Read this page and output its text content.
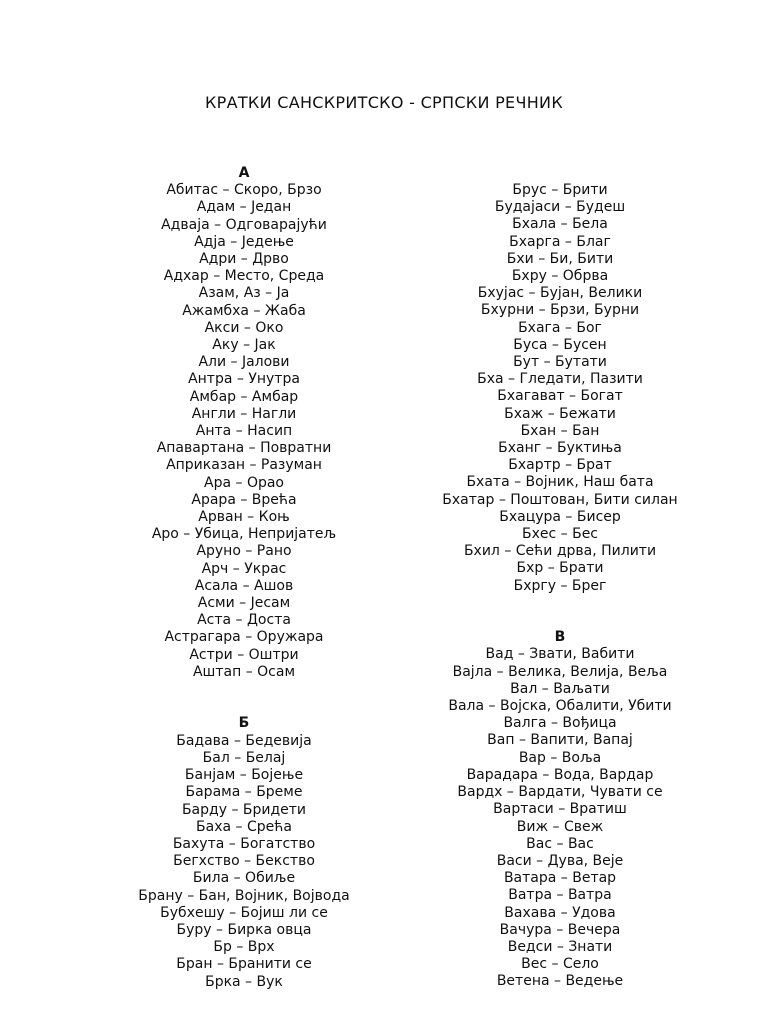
КРАТКИ САНСКРИТСКО - СРПСКИ РЕЧНИК
А
Абитас – Скоро, Брзо
Адам – Један
Адваја – Одговарајући
Адја – Једење
Адри – Дрво
Адхар – Место, Среда
Азам, Аз – Ја
Ажамбха – Жаба
Акси – Око
Аку – Јак
Али – Јалови
Антра – Унутра
Амбар – Амбар
Англи – Нагли
Анта – Насип
Апавартана – Повратни
Априказан – Разуман
Ара – Орао
Арара – Врећа
Арван – Коњ
Аро – Убица, Непријатељ
Аруно – Рано
Арч – Украс
Асала – Ашов
Асми – Јесам
Аста – Доста
Астрагара – Оружара
Астри – Оштри
Аштап – Осам
Б
Бадава – Бедевија
Бал – Белај
Банјам – Бојење
Барама – Бреме
Барду – Бридети
Баха – Срећа
Бахута – Богатство
Бегхство – Бекство
Била – Обиље
Брану – Бан, Војник, Војвода
Бубхешу – Бојиш ли се
Буру – Бирка овца
Бр – Врх
Бран – Бранити се
Брка – Вук
Брус – Брити
Будајаси – Будеш
Бхала – Бела
Бхарга – Благ
Бхи – Би, Бити
Бхру – Обрва
Бхујас – Бујан, Велики
Бхурни – Брзи, Бурни
Бхага – Бог
Буса – Бусен
Бут – Бутати
Бха – Гледати, Пазити
Бхагават – Богат
Бхаж – Бежати
Бхан – Бан
Бханг – Буктиња
Бхартр – Брат
Бхата – Војник, Наш бата
Бхатар – Поштован, Бити силан
Бхацура – Бисер
Бхес – Бес
Бхил – Сећи дрва, Пилити
Бхр – Брати
Бхргу – Брег
В
Вад – Звати, Вабити
Вајла – Велика, Велија, Веља
Вал – Ваљати
Вала – Војска, Обалити, Убити
Валга – Вођица
Вап – Вапити, Вапај
Вар – Воља
Варадара – Вода, Вардар
Вардх – Вардати, Чувати се
Вартаси – Вратиш
Виж – Свеж
Вас – Вас
Васи – Дува, Веје
Ватара – Ветар
Ватра – Ватра
Вахава – Удова
Вачура – Вечера
Ведси – Знати
Вес – Село
Ветена – Ведење
